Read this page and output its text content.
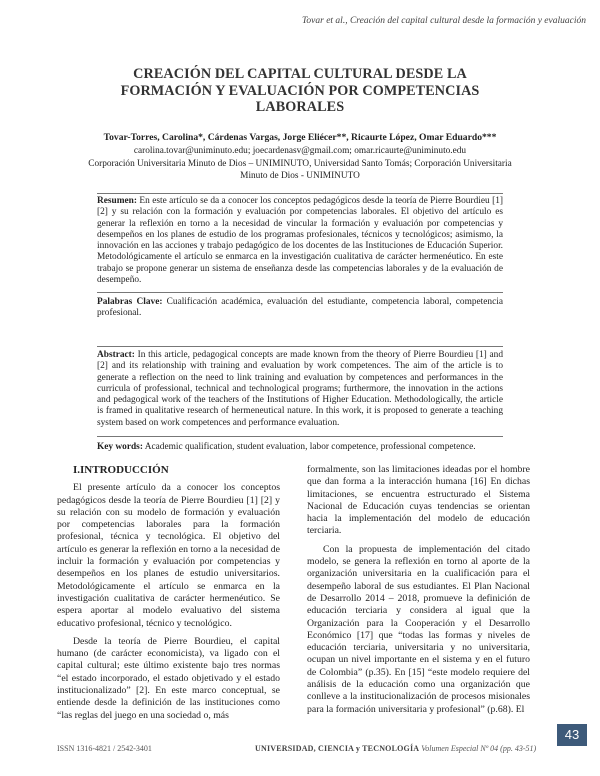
Tovar et al., Creación del capital cultural desde la formación y evaluación
CREACIÓN DEL CAPITAL CULTURAL DESDE LA
FORMACIÓN Y EVALUACIÓN POR COMPETENCIAS
LABORALES
Tovar-Torres, Carolina*, Cárdenas Vargas, Jorge Eliécer**, Ricaurte López, Omar Eduardo***
carolina.tovar@uniminuto.edu; joecardenasv@gmail.com; omar.ricaurte@uniminuto.edu
Corporación Universitaria Minuto de Dios – UNIMINUTO, Universidad Santo Tomás; Corporación Universitaria Minuto de Dios - UNIMINUTO
Resumen: En este artículo se da a conocer los conceptos pedagógicos desde la teoría de Pierre Bourdieu [1] [2] y su relación con la formación y evaluación por competencias laborales. El objetivo del artículo es generar la reflexión en torno a la necesidad de vincular la formación y evaluación por competencias y desempeños en los planes de estudio de los programas profesionales, técnicos y tecnológicos; asimismo, la innovación en las acciones y trabajo pedagógico de los docentes de las Instituciones de Educación Superior. Metodológicamente el artículo se enmarca en la investigación cualitativa de carácter hermenéutico. En este trabajo se propone generar un sistema de enseñanza desde las competencias laborales y de la evaluación de desempeño.
Palabras Clave: Cualificación académica, evaluación del estudiante, competencia laboral, competencia profesional.
Abstract: In this article, pedagogical concepts are made known from the theory of Pierre Bourdieu [1] and [2] and its relationship with training and evaluation by work competences. The aim of the article is to generate a reflection on the need to link training and evaluation by competences and performances in the curricula of professional, technical and technological programs; furthermore, the innovation in the actions and pedagogical work of the teachers of the Institutions of Higher Education. Methodologically, the article is framed in qualitative research of hermeneutical nature. In this work, it is proposed to generate a teaching system based on work competences and performance evaluation.
Key words: Academic qualification, student evaluation, labor competence, professional competence.

I.INTRODUCCIÓN

El presente artículo da a conocer los conceptos pedagógicos desde la teoría de Pierre Bourdieu [1] [2] y su relación con su modelo de formación y evaluación por competencias laborales para la formación profesional, técnica y tecnológica. El objetivo del artículo es generar la reflexión en torno a la necesidad de incluir la formación y evaluación por competencias y desempeños en los planes de estudio universitarios. Metodológicamente el artículo se enmarca en la investigación cualitativa de carácter hermenéutico. Se espera aportar al modelo evaluativo del sistema educativo profesional, técnico y tecnológico.

Desde la teoría de Pierre Bourdieu, el capital humano (de carácter economicista), va ligado con el capital cultural; este último existente bajo tres normas “el estado incorporado, el estado objetivado y el estado institucionalizado” [2]. En este marco conceptual, se entiende desde la definición de las instituciones como “las reglas del juego en una sociedad o, más

formalmente, son las limitaciones ideadas por el hombre que dan forma a la interacción humana [16] En dichas limitaciones, se encuentra estructurado el Sistema Nacional de Educación cuyas tendencias se orientan hacia la implementación del modelo de educación terciaria.

Con la propuesta de implementación del citado modelo, se genera la reflexión en torno al aporte de la organización universitaria en la cualificación para el desempeño laboral de sus estudiantes. El Plan Nacional de Desarrollo 2014 – 2018, promueve la definición de educación terciaria y considera al igual que la Organización para la Cooperación y el Desarrollo Económico [17] que “todas las formas y niveles de educación terciaria, universitaria y no universitaria, ocupan un nivel importante en el sistema y en el futuro de Colombia” (p.35). En [15] “este modelo requiere del análisis de la educación como una organización que conlleve a la institucionalización de procesos misionales para la formación universitaria y profesional” (p.68). El

ISSN 1316-4821 / 2542-3401	UNIVERSIDAD, CIENCIA y TECNOLOGÍA Volumen Especial Nº 04 (pp. 43-51)
43
